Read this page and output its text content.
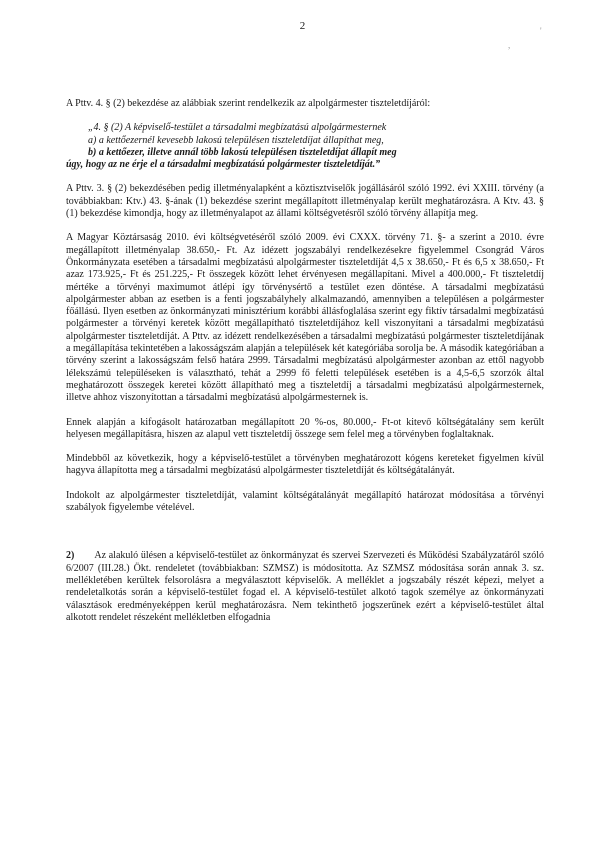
2	'
,

A Pttv. 4. § (2) bekezdése az alábbiak szerint rendelkezik az alpolgármester tiszteletdíjáról:

„4. § (2) A képviselő-testület a társadalmi megbízatású alpolgármesternek
a) a kettőezernél kevesebb lakosú településen tiszteletdíjat állapíthat meg,
b) a kettőezer, illetve annál több lakosú településen tiszteletdíjat állapít meg
úgy, hogy az ne érje el a társadalmi megbízatású polgármester tiszteletdíját.”

A Pttv. 3. § (2) bekezdésében pedig illetményalapként a köztisztviselők jogállásáról szóló 1992. évi XXIII. törvény (a továbbiakban: Ktv.) 43. §-ának (1) bekezdése szerint megállapított illetményalap került meghatározásra. A Ktv. 43. § (1) bekezdése kimondja, hogy az illetményalapot az állami költségvetésről szóló törvény állapítja meg.

A Magyar Köztársaság 2010. évi költségvetéséről szóló 2009. évi CXXX. törvény 71. §- a szerint a 2010. évre megállapított illetményalap 38.650,- Ft. Az idézett jogszabályi rendelkezésekre figyelemmel Csongrád Város Önkormányzata esetében a társadalmi megbízatású alpolgármester tiszteletdíját 4,5 x 38.650,- Ft és 6,5 x 38.650,- Ft azaz 173.925,- Ft és 251.225,- Ft összegek között lehet érvényesen megállapítani. Mivel a 400.000,- Ft tiszteletdíj mértéke a törvényi maximumot átlépi így törvénysértő a testület ezen döntése. A társadalmi megbízatású alpolgármester abban az esetben is a fenti jogszabályhely alkalmazandó, amennyiben a településen a polgármester főállású. Ilyen esetben az önkormányzati minisztérium korábbi állásfoglalása szerint egy fiktív társadalmi megbízatású polgármester a törvényi keretek között megállapítható tiszteletdíjához kell viszonyítani a társadalmi megbízatású alpolgármester tiszteletdíját. A Pttv. az idézett rendelkezésében a társadalmi megbízatású polgármester tiszteletdíjának a megállapítása tekintetében a lakosságszám alapján a települések két kategóriába sorolja be. A második kategóriában a törvény szerint a lakosságszám felső határa 2999. Társadalmi megbízatású alpolgármester azonban az ettől nagyobb lélekszámú településeken is választható, tehát a 2999 fő feletti települések esetében is a 4,5-6,5 szorzók által meghatározott összegek keretei között állapítható meg a tiszteletdíj a társadalmi megbízatású alpolgármesternek, illetve ahhoz viszonyítottan a társadalmi megbízatású alpolgármesternek is.

Ennek alapján a kifogásolt határozatban megállapított 20 %-os, 80.000,- Ft-ot kitevő költségátalány sem került helyesen megállapításra, hiszen az alapul vett tiszteletdíj összege sem felel meg a törvényben foglaltaknak.

Mindebből az következik, hogy a képviselő-testület a törvényben meghatározott kógens kereteket figyelmen kívül hagyva állapította meg a társadalmi megbízatású alpolgármester tiszteletdíját és költségátalányát.

Indokolt az alpolgármester tiszteletdíját, valamint költségátalányát megállapító határozat módosítása a törvényi szabályok figyelembe vételével.

2) Az alakuló ülésen a képviselő-testület az önkormányzat és szervei Szervezeti és Működési Szabályzatáról szóló 6/2007 (III.28.) Ökt. rendeletet (továbbiakban: SZMSZ) is módosította. Az SZMSZ módosítása során annak 3. sz. mellékletében kerültek felsorolásra a megválasztott képviselők. A melléklet a jogszabály részét képezi, melyet a rendeletalkotás során a képviselő-testület fogad el. A képviselő-testület alkotó tagok személye az önkormányzati választások eredményeképpen kerül meghatározásra. Nem tekinthető jogszerűnek ezért a képviselő-testület által alkotott rendelet részeként mellékletben elfogadnia
